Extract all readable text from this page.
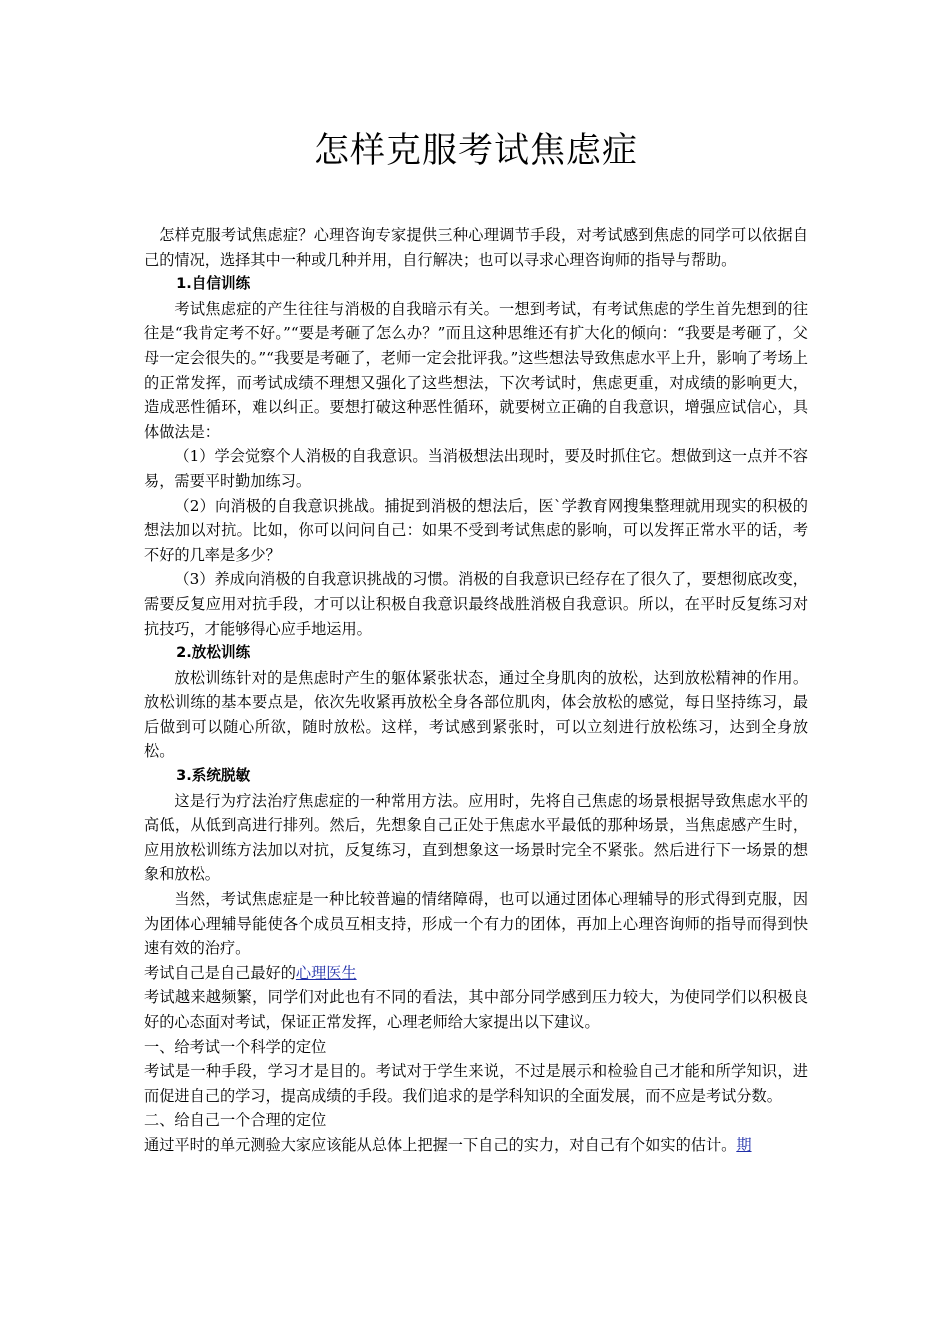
怎样克服考试焦虑症

怎样克服考试焦虑症？心理咨询专家提供三种心理调节手段，对考试感到焦虑的同学可以依据自己的情况，选择其中一种或几种并用，自行解决；也可以寻求心理咨询师的指导与帮助。

1.自信训练

考试焦虑症的产生往往与消极的自我暗示有关。一想到考试，有考试焦虑的学生首先想到的往往是“我肯定考不好。”“要是考砸了怎么办？”而且这种思维还有扩大化的倾向：“我要是考砸了，父母一定会很失的。”“我要是考砸了，老师一定会批评我。”这些想法导致焦虑水平上升，影响了考场上的正常发挥，而考试成绩不理想又强化了这些想法，下次考试时，焦虑更重，对成绩的影响更大，造成恶性循环，难以纠正。要想打破这种恶性循环，就要树立正确的自我意识，增强应试信心，具体做法是：

（1）学会觉察个人消极的自我意识。当消极想法出现时，要及时抓住它。想做到这一点并不容易，需要平时勤加练习。

（2）向消极的自我意识挑战。捕捉到消极的想法后，医`学教育网搜集整理就用现实的积极的想法加以对抗。比如，你可以问问自己：如果不受到考试焦虑的影响，可以发挥正常水平的话，考不好的几率是多少？

（3）养成向消极的自我意识挑战的习惯。消极的自我意识已经存在了很久了，要想彻底改变，需要反复应用对抗手段，才可以让积极自我意识最终战胜消极自我意识。所以，在平时反复练习对抗技巧，才能够得心应手地运用。

2.放松训练

放松训练针对的是焦虑时产生的躯体紧张状态，通过全身肌肉的放松，达到放松精神的作用。放松训练的基本要点是，依次先收紧再放松全身各部位肌肉，体会放松的感觉，每日坚持练习，最后做到可以随心所欲，随时放松。这样，考试感到紧张时，可以立刻进行放松练习，达到全身放松。

3.系统脱敏

这是行为疗法治疗焦虑症的一种常用方法。应用时，先将自己焦虑的场景根据导致焦虑水平的高低，从低到高进行排列。然后，先想象自己正处于焦虑水平最低的那种场景，当焦虑感产生时，应用放松训练方法加以对抗，反复练习，直到想象这一场景时完全不紧张。然后进行下一场景的想象和放松。

当然，考试焦虑症是一种比较普遍的情绪障碍，也可以通过团体心理辅导的形式得到克服，因为团体心理辅导能使各个成员互相支持，形成一个有力的团体，再加上心理咨询师的指导而得到快速有效的治疗。

考试自己是自己最好的心理医生

考试越来越频繁，同学们对此也有不同的看法，其中部分同学感到压力较大，为使同学们以积极良好的心态面对考试，保证正常发挥，心理老师给大家提出以下建议。

一、给考试一个科学的定位

考试是一种手段，学习才是目的。考试对于学生来说，不过是展示和检验自己才能和所学知识，进而促进自己的学习，提高成绩的手段。我们追求的是学科知识的全面发展，而不应是考试分数。

二、给自己一个合理的定位

通过平时的单元测验大家应该能从总体上把握一下自己的实力，对自己有个如实的估计。期
